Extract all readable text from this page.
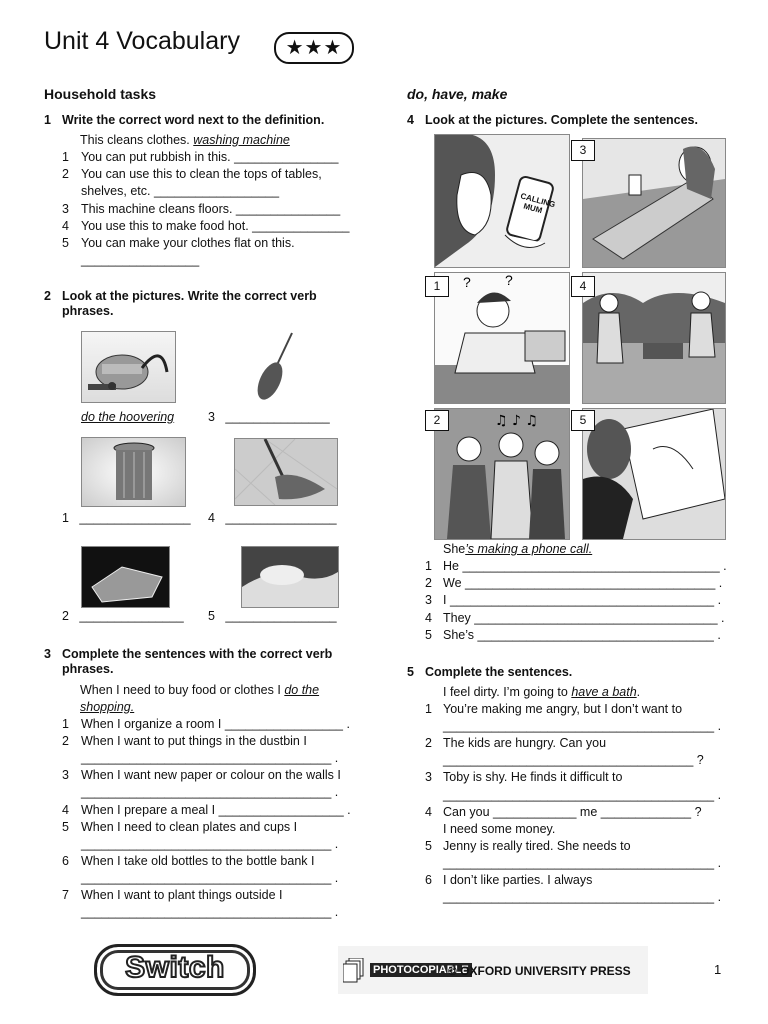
Unit 4 Vocabulary	★★★
Household tasks
1 Write the correct word next to the definition.
This cleans clothes. washing machine
1 You can put rubbish in this. _______________
2 You can use this to clean the tops of tables,
shelves, etc. __________________
3 This machine cleans floors. _______________
4 You use this to make food hot. ______________
5 You can make your clothes flat on this.
_________________
2 Look at the pictures. Write the correct verb
phrases.
do the hoovering	3 _______________
1 ________________ 4 ________________
2 _______________ 5 ________________
3 Complete the sentences with the correct verb
phrases.
When I need to buy food or clothes I do the
shopping.
1 When I organize a room I _________________ .
2 When I want to put things in the dustbin I
____________________________________ .
3 When I want new paper or colour on the walls I
____________________________________ .
4 When I prepare a meal I __________________ .
5 When I need to clean plates and cups I
____________________________________ .
6 When I take old bottles to the bottle bank I
____________________________________ .
7 When I want to plant things outside I
____________________________________ .
do, have, make
4 Look at the pictures. Complete the sentences.
CALLING MUM
3
? ?
1	4
♫ ♪ ♫
2	5
She’s making a phone call.
1 He _____________________________________ .
2 We ____________________________________ .
3 I ______________________________________ .
4 They ___________________________________ .
5 She’s __________________________________ .
5 Complete the sentences.
I feel dirty. I’m going to have a bath.
1 You’re making me angry, but I don’t want to
_______________________________________ .
2 The kids are hungry. Can you
____________________________________ ?
3 Toby is shy. He finds it difficult to
_______________________________________ .
4 Can you ____________ me _____________ ?
I need some money.
5 Jenny is really tired. She needs to
_______________________________________ .
6 I don’t like parties. I always
_______________________________________ .
Switch	PHOTOCOPIABLE
© OXFORD UNIVERSITY PRESS	1
